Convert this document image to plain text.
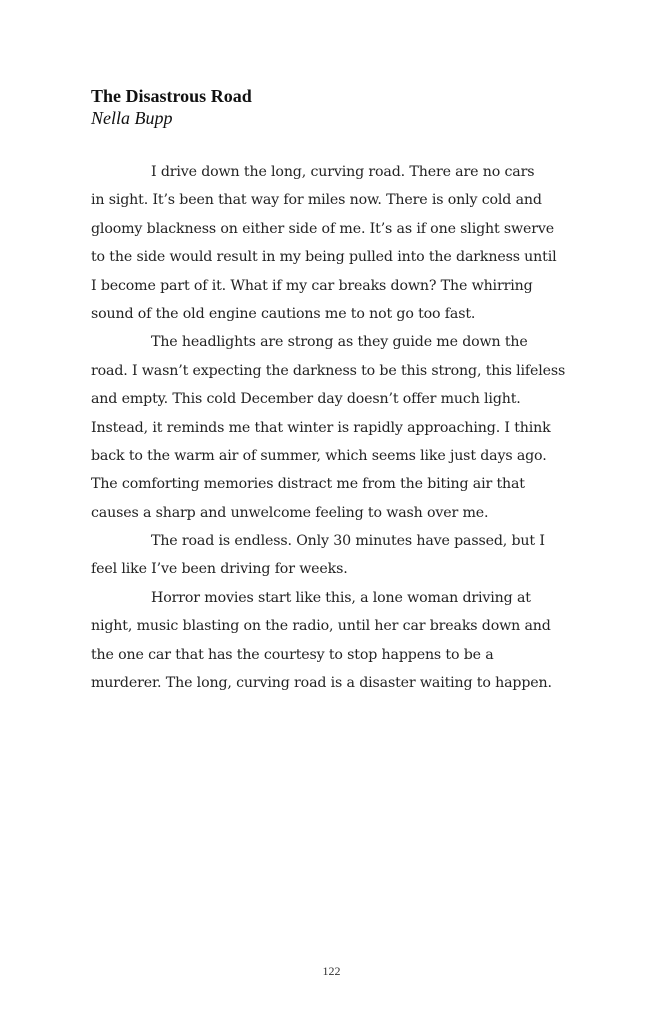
The Disastrous Road
Nella Bupp
I drive down the long, curving road. There are no cars
in sight. It’s been that way for miles now. There is only cold and
gloomy blackness on either side of me. It’s as if one slight swerve
to the side would result in my being pulled into the darkness until
I become part of it. What if my car breaks down? The whirring
sound of the old engine cautions me to not go too fast.
The headlights are strong as they guide me down the
road. I wasn’t expecting the darkness to be this strong, this lifeless
and empty. This cold December day doesn’t offer much light.
Instead, it reminds me that winter is rapidly approaching. I think
back to the warm air of summer, which seems like just days ago.
The comforting memories distract me from the biting air that
causes a sharp and unwelcome feeling to wash over me.
The road is endless. Only 30 minutes have passed, but I
feel like I’ve been driving for weeks.
Horror movies start like this, a lone woman driving at
night, music blasting on the radio, until her car breaks down and
the one car that has the courtesy to stop happens to be a
murderer. The long, curving road is a disaster waiting to happen.
122
